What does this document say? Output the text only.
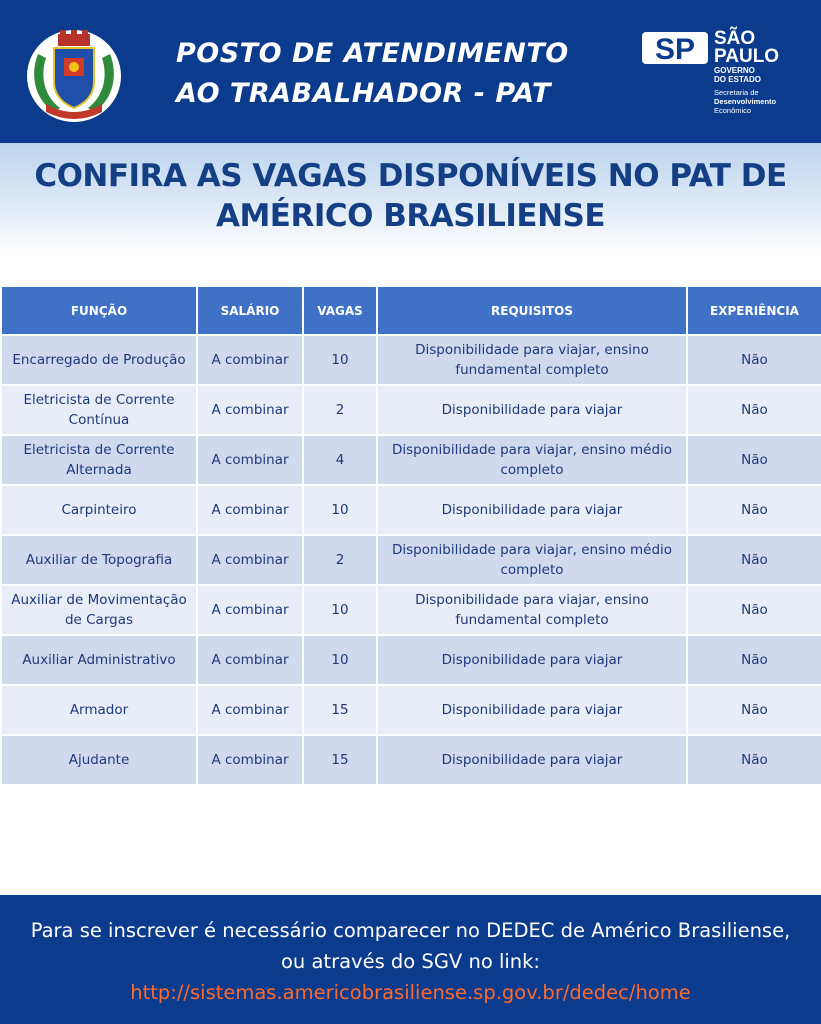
POSTO DE ATENDIMENTO
AO TRABALHADOR - PAT
SP SÃO
PAULO
GOVERNO
DO ESTADO
Secretaria de
Desenvolvimento
Econômico
CONFIRA AS VAGAS DISPONÍVEIS NO PAT DE
AMÉRICO BRASILIENSE
FUNÇÃO	SALÁRIO	VAGAS	REQUISITOS	EXPERIÊNCIA
Encarregado de Produção	A combinar	10	Disponibilidade para viajar, ensino fundamental completo	Não
Eletricista de Corrente Contínua	A combinar	2	Disponibilidade para viajar	Não
Eletricista de Corrente Alternada	A combinar	4	Disponibilidade para viajar, ensino médio completo	Não
Carpinteiro	A combinar	10	Disponibilidade para viajar	Não
Auxiliar de Topografia	A combinar	2	Disponibilidade para viajar, ensino médio completo	Não
Auxiliar de Movimentação de Cargas	A combinar	10	Disponibilidade para viajar, ensino fundamental completo	Não
Auxiliar Administrativo	A combinar	10	Disponibilidade para viajar	Não
Armador	A combinar	15	Disponibilidade para viajar	Não
Ajudante	A combinar	15	Disponibilidade para viajar	Não
Para se inscrever é necessário comparecer no DEDEC de Américo Brasiliense,
ou através do SGV no link:
http://sistemas.americobrasiliense.sp.gov.br/dedec/home
